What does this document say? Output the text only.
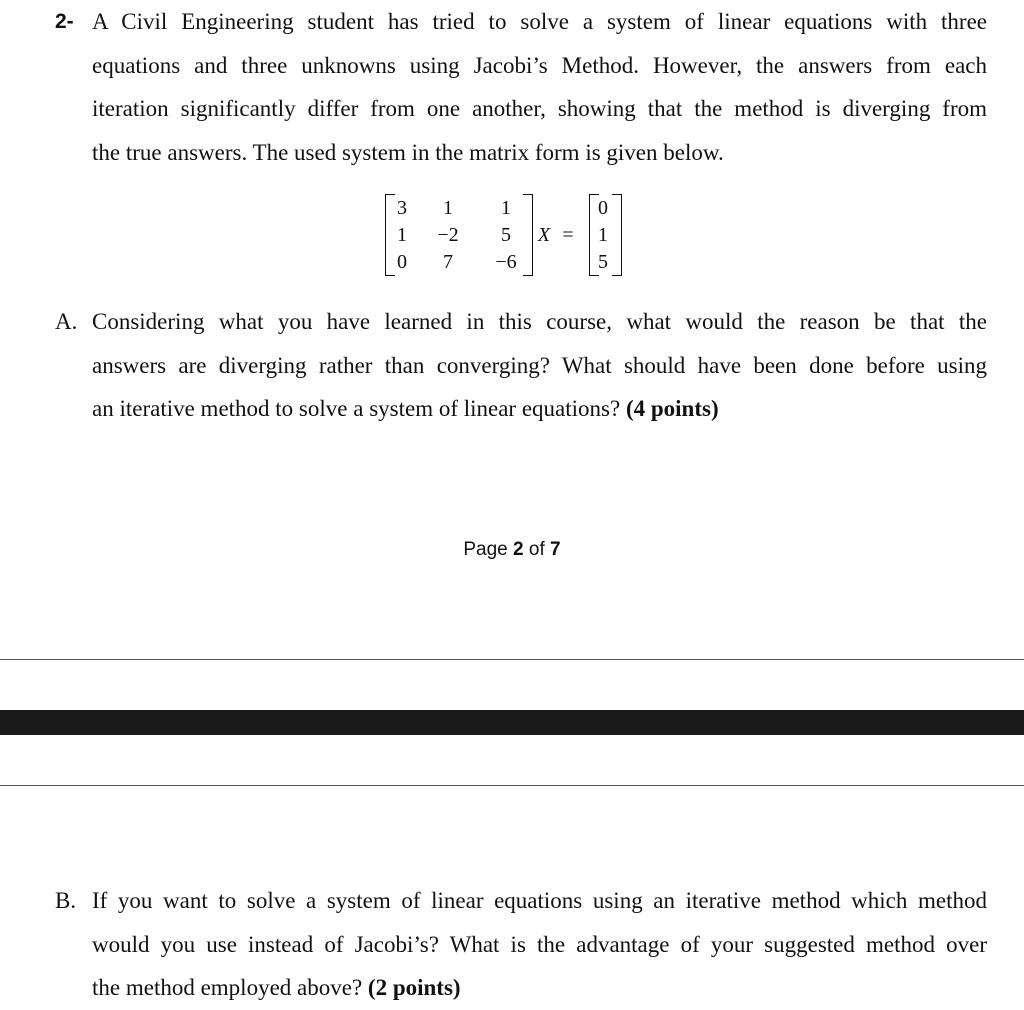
2- A Civil Engineering student has tried to solve a system of linear equations with three
equations and three unknowns using Jacobi’s Method. However, the answers from each
iteration significantly differ from one another, showing that the method is diverging from
the true answers. The used system in the matrix form is given below.
3	1	1
1	−2	5
0	7	−6
X =
0
1
5
A. Considering what you have learned in this course, what would the reason be that the
answers are diverging rather than converging? What should have been done before using
an iterative method to solve a system of linear equations? (4 points)
Page 2 of 7
B. If you want to solve a system of linear equations using an iterative method which method
would you use instead of Jacobi’s? What is the advantage of your suggested method over
the method employed above? (2 points)
